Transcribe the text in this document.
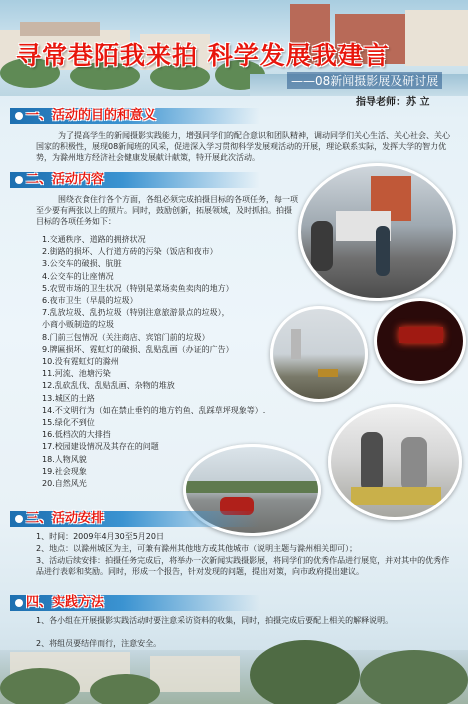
寻常巷陌我来拍 科学发展我建言
——08新闻摄影展及研讨展
指导老师：苏 立
一、活动的目的和意义
为了提高学生的新闻摄影实践能力，增强同学们的配合意识和团队精神，调动同学们关心生活、关心社会、关心国家的积极性，展现08新闻班的风采，促进深入学习贯彻科学发展观活动的开展，理论联系实际，发挥大学的智力优势，为滁州地方经济社会健康发展献计献策，特开展此次活动。
二、活动内容
围绕衣食住行各个方面，各组必须完成拍摄目标的各项任务，每一项至少要有两张以上的照片。同时，鼓励创新，拓展领域，及时抓拍。拍摄目标的各项任务如下：
1.交通秩序、道路的拥挤状况
2.街路的损坏、人行道方砖的污染（饭店和夜市）
3.公交车的破损、肮脏
4.公交车的让座情况
5.农贸市场的卫生状况（特别是菜场卖鱼卖肉的地方）
6.夜市卫生（早晨的垃圾）
7.乱放垃圾、乱扔垃圾（特别注意旅游景点的垃圾），
小商小贩制造的垃圾
8.门前三包情况（关注商店、宾馆门前的垃圾）
9.牌匾损坏、霓虹灯的破损、乱贴乱画（办证的广告）
10.没有霓虹灯的滁州
11.河流、池塘污染
12.乱砍乱伐、乱贴乱画、杂物的堆放
13.城区的土路
14.不文明行为（如在禁止垂钓的地方钓鱼、乱踩草坪现象等）.
15.绿化不到位
16.低档次的大排挡
17.校园建设情况及其存在的问题
18.人物风貌
19.社会现象
20.自然风光
三、活动安排
1、时间：2009年4月30至5月20日
2、地点：以滁州城区为主，可兼有滁州其他地方或其他城市（说明主题与滁州相关即可）；
3、活动后续安排：拍摄任务完成后，将举办一次新闻实践摄影展，将同学们的优秀作品进行展览，并对其中的优秀作品进行表彰和奖励。同时，形成一个报告，针对发现的问题，提出对策，向市政府提出建议。
四、实践方法
1、各小组在开展摄影实践活动时要注意采访资料的收集，同时，拍摄完成后要配上相关的解释说明。
2、将组员要结伴而行，注意安全。
